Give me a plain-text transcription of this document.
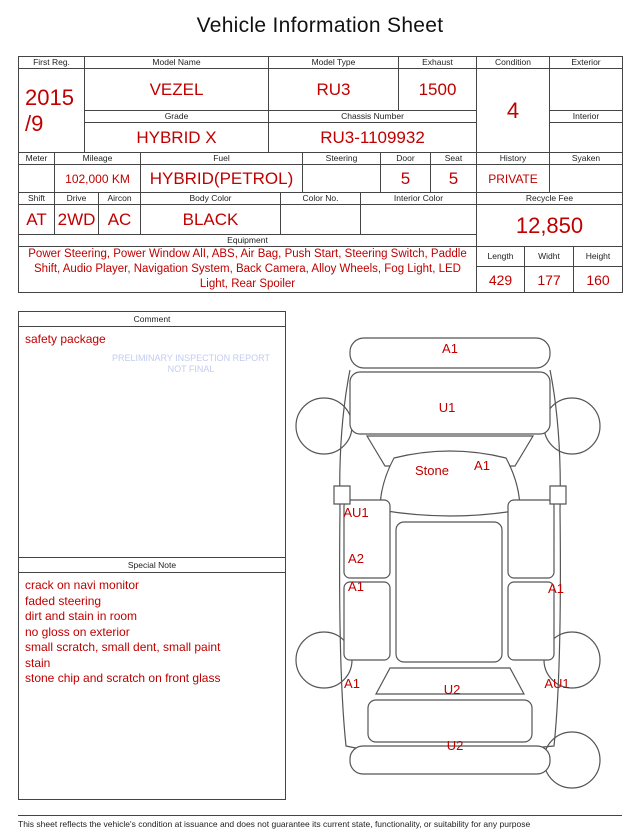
Vehicle Information Sheet
First Reg.	Model Name	Model Type	Exhaust	Condition	Exterior

2015
/9	VEZEL	RU3	1500	4	
	Grade	Chassis Number			Interior
	HYBRID X	RU3-1109932			
Meter	Mileage	Fuel	Steering	Door	Seat	History	Syaken
	102,000 KM	HYBRID(PETROL)		5	5	PRIVATE	
Shift	Drive	Aircon	Body Color	Color No.	Interior Color	Recycle Fee
AT	2WD	AC	BLACK			12,850
Equipment						
Power Steering, Power Window AlI, ABS, Air Bag, Push Start, Steering Switch, Paddle Shift, Audio Player, Navigation System, Back Camera, Alloy Wheels, Fog Light, LED Light, Rear Spoiler	Length	Widht	Height
	429	177	160
Comment
safety package
PRELIMINARY INSPECTION REPORT NOT FINAL
Special Note
crack on navi monitor
faded steering
dirt and stain in room
no gloss on exterior
small scratch, small dent, small paint
stain
stone chip and scratch on front glass
A1
U1
Stone A1
AU1
A2
A1	A1
A1	U2	AU1
U2
This sheet reflects the vehicle's condition at issuance and does not guarantee its current state, functionality, or suitability for any purpose
